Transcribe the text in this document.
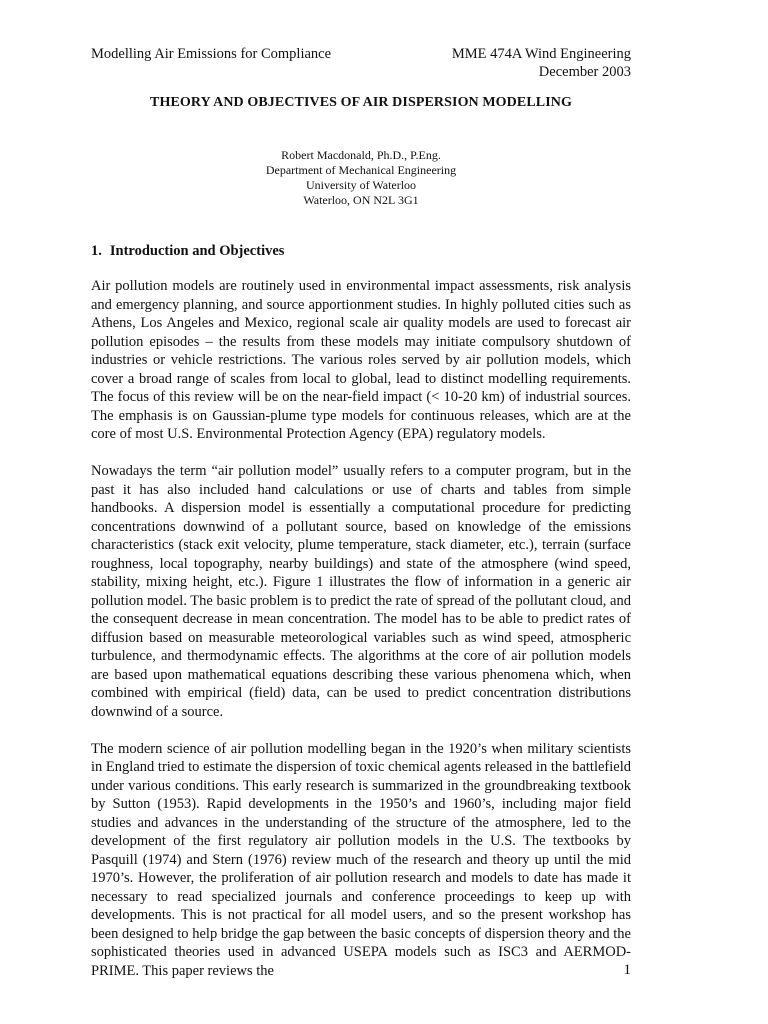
Modelling Air Emissions for Compliance	MME 474A Wind Engineering
December 2003
THEORY AND OBJECTIVES OF AIR DISPERSION MODELLING
Robert Macdonald, Ph.D., P.Eng.
Department of Mechanical Engineering
University of Waterloo
Waterloo, ON N2L 3G1
1. Introduction and Objectives

Air pollution models are routinely used in environmental impact assessments, risk analysis and emergency planning, and source apportionment studies. In highly polluted cities such as Athens, Los Angeles and Mexico, regional scale air quality models are used to forecast air pollution episodes – the results from these models may initiate compulsory shutdown of industries or vehicle restrictions. The various roles served by air pollution models, which cover a broad range of scales from local to global, lead to distinct modelling requirements. The focus of this review will be on the near-field impact (< 10-20 km) of industrial sources. The emphasis is on Gaussian-plume type models for continuous releases, which are at the core of most U.S. Environmental Protection Agency (EPA) regulatory models.

Nowadays the term “air pollution model” usually refers to a computer program, but in the past it has also included hand calculations or use of charts and tables from simple handbooks. A dispersion model is essentially a computational procedure for predicting concentrations downwind of a pollutant source, based on knowledge of the emissions characteristics (stack exit velocity, plume temperature, stack diameter, etc.), terrain (surface roughness, local topography, nearby buildings) and state of the atmosphere (wind speed, stability, mixing height, etc.). Figure 1 illustrates the flow of information in a generic air pollution model. The basic problem is to predict the rate of spread of the pollutant cloud, and the consequent decrease in mean concentration. The model has to be able to predict rates of diffusion based on measurable meteorological variables such as wind speed, atmospheric turbulence, and thermodynamic effects. The algorithms at the core of air pollution models are based upon mathematical equations describing these various phenomena which, when combined with empirical (field) data, can be used to predict concentration distributions downwind of a source.

The modern science of air pollution modelling began in the 1920’s when military scientists in England tried to estimate the dispersion of toxic chemical agents released in the battlefield under various conditions. This early research is summarized in the groundbreaking textbook by Sutton (1953). Rapid developments in the 1950’s and 1960’s, including major field studies and advances in the understanding of the structure of the atmosphere, led to the development of the first regulatory air pollution models in the U.S. The textbooks by Pasquill (1974) and Stern (1976) review much of the research and theory up until the mid 1970’s. However, the proliferation of air pollution research and models to date has made it necessary to read specialized journals and conference proceedings to keep up with developments. This is not practical for all model users, and so the present workshop has been designed to help bridge the gap between the basic concepts of dispersion theory and the sophisticated theories used in advanced USEPA models such as ISC3 and AERMOD-PRIME. This paper reviews the	1
